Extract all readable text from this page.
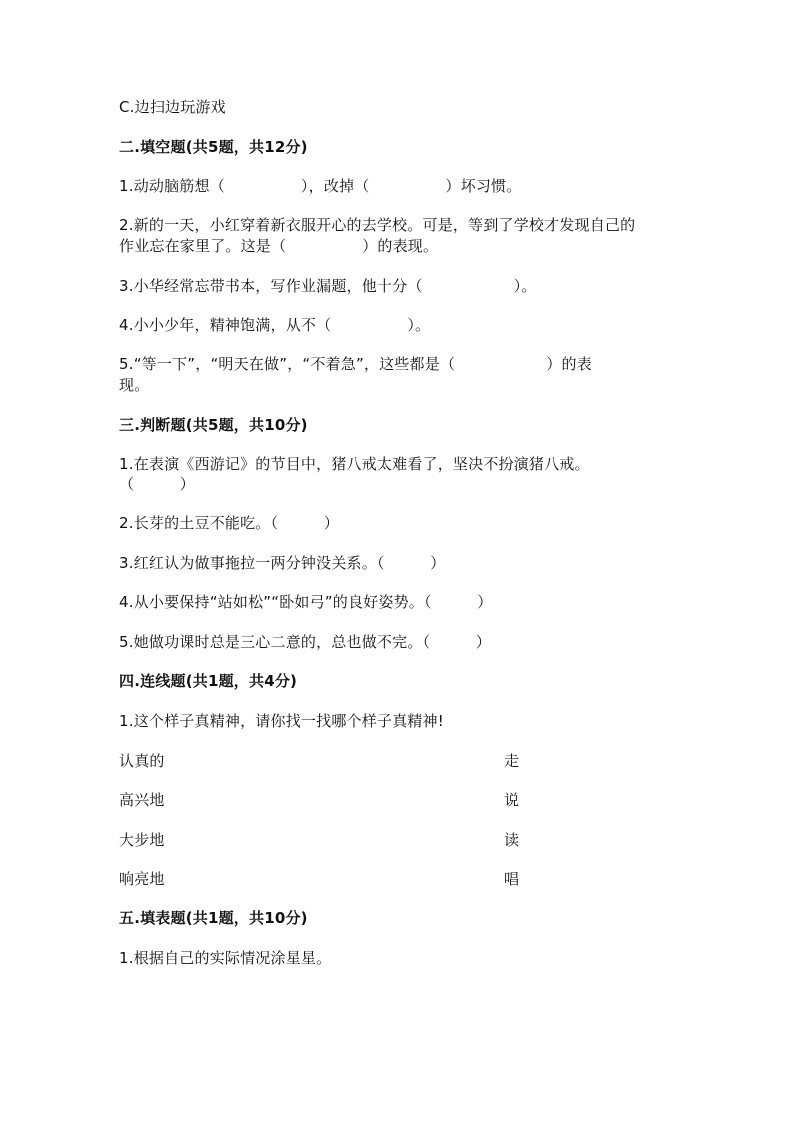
C.边扫边玩游戏
二.填空题(共5题，共12分)
1.动动脑筋想（　　　　　），改掉（　　　　　）坏习惯。
2.新的一天，小红穿着新衣服开心的去学校。可是，等到了学校才发现自己的
作业忘在家里了。这是（　　　　　）的表现。
3.小华经常忘带书本，写作业漏题，他十分（　　　　　　）。
4.小小少年，精神饱满，从不（　　　　　）。
5.“等一下”，“明天在做”，“不着急”，这些都是（　　　　　　）的表
现。
三.判断题(共5题，共10分)
1.在表演《西游记》的节目中，猪八戒太难看了，坚决不扮演猪八戒。
（　　　）
2.长芽的土豆不能吃。（　　　）
3.红红认为做事拖拉一两分钟没关系。（　　　）
4.从小要保持“站如松”“卧如弓”的良好姿势。（　　　）
5.她做功课时总是三心二意的，总也做不完。（　　　）
四.连线题(共1题，共4分)
1.这个样子真精神，请你找一找哪个样子真精神!
认真的	走
高兴地	说
大步地	读
响亮地	唱
五.填表题(共1题，共10分)
1.根据自己的实际情况涂星星。
